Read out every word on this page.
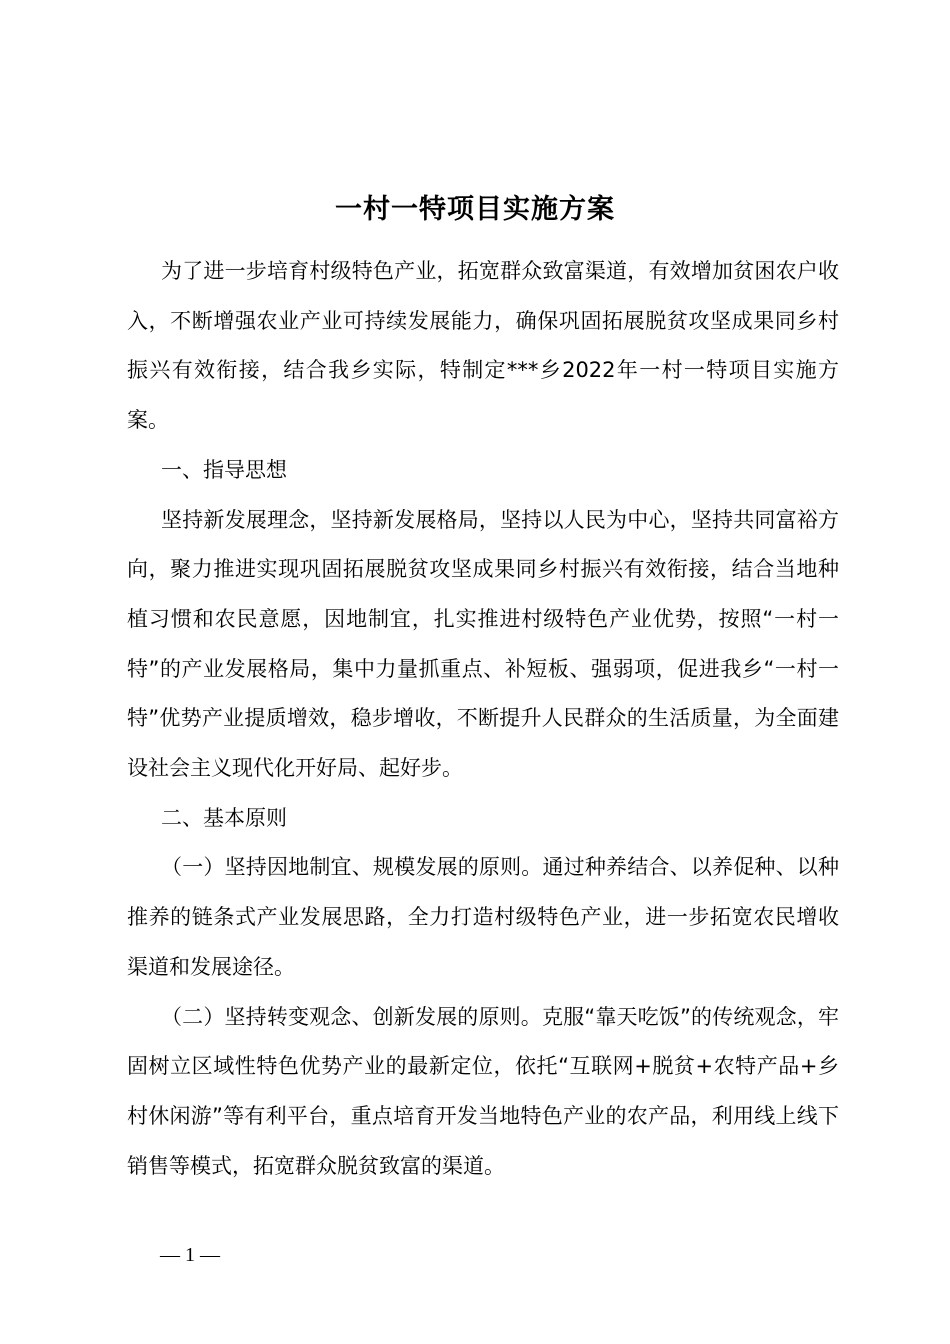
一村一特项目实施方案

为了进一步培育村级特色产业，拓宽群众致富渠道，有效增加贫困农户收入，不断增强农业产业可持续发展能力，确保巩固拓展脱贫攻坚成果同乡村振兴有效衔接，结合我乡实际，特制定***乡2022年一村一特项目实施方案。

一、指导思想

坚持新发展理念，坚持新发展格局，坚持以人民为中心，坚持共同富裕方向，聚力推进实现巩固拓展脱贫攻坚成果同乡村振兴有效衔接，结合当地种植习惯和农民意愿，因地制宜，扎实推进村级特色产业优势，按照“一村一特”的产业发展格局，集中力量抓重点、补短板、强弱项，促进我乡“一村一特”优势产业提质增效，稳步增收，不断提升人民群众的生活质量，为全面建设社会主义现代化开好局、起好步。

二、基本原则

（一）坚持因地制宜、规模发展的原则。通过种养结合、以养促种、以种推养的链条式产业发展思路，全力打造村级特色产业，进一步拓宽农民增收渠道和发展途径。

（二）坚持转变观念、创新发展的原则。克服“靠天吃饭”的传统观念，牢固树立区域性特色优势产业的最新定位，依托“互联网+脱贫+农特产品+乡村休闲游”等有利平台，重点培育开发当地特色产业的农产品，利用线上线下销售等模式，拓宽群众脱贫致富的渠道。

— 1 —
